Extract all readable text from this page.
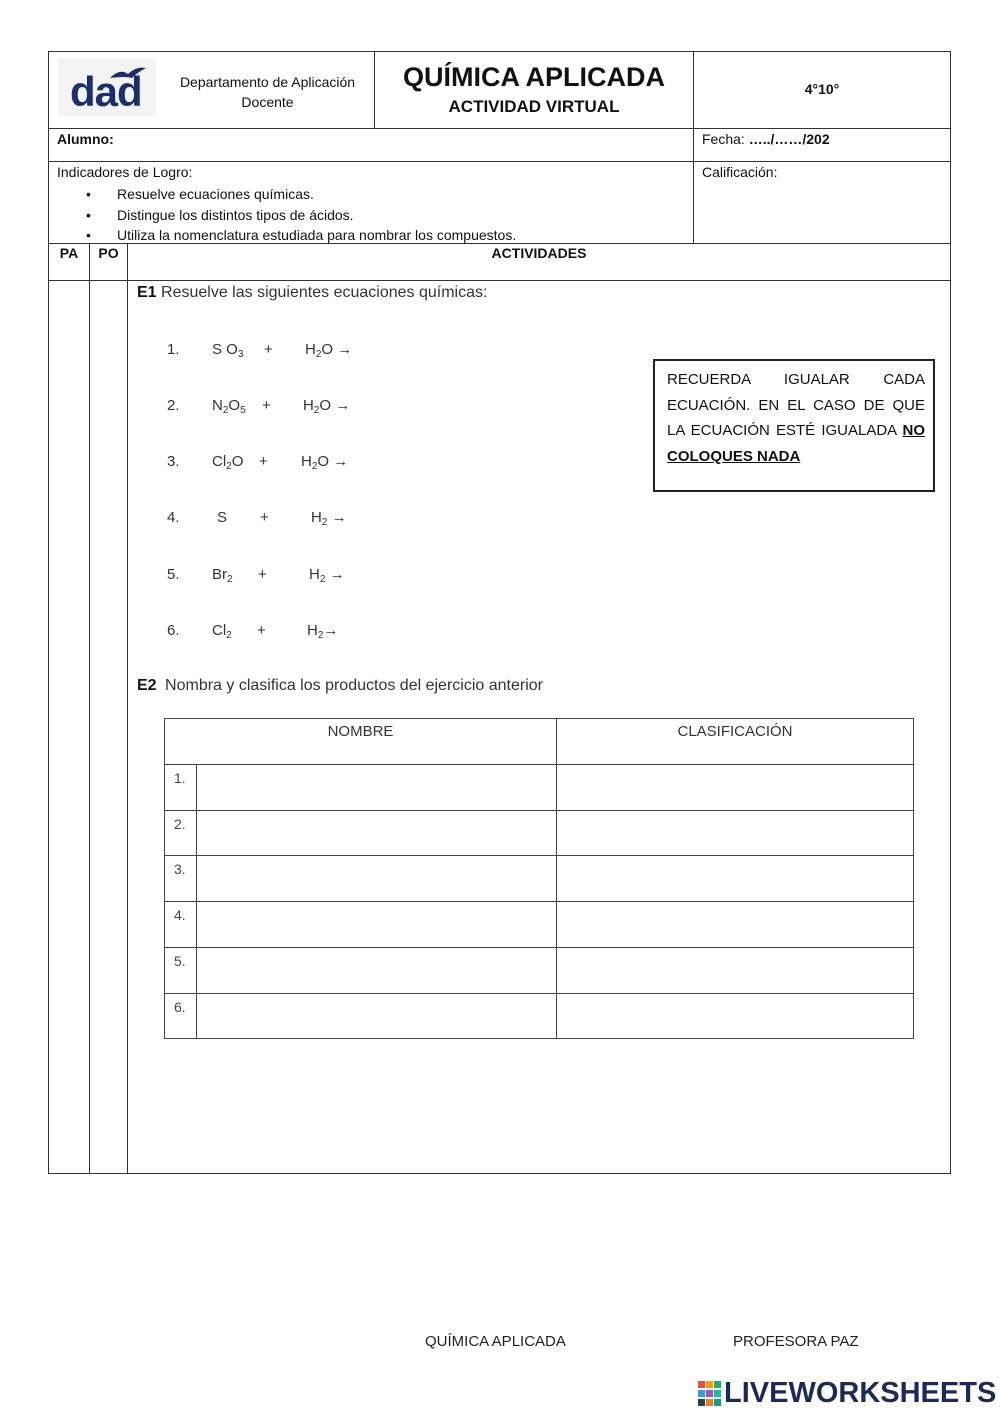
dad	Departamento de Aplicación Docente
QUÍMICA APLICADA
ACTIVIDAD VIRTUAL
4°10°
Alumno:	Fecha: …../……/202
Indicadores de Logro:
• Resuelve ecuaciones químicas.
• Distingue los distintos tipos de ácidos.
• Utiliza la nomenclatura estudiada para nombrar los compuestos.
Calificación:
PA	PO	ACTIVIDADES
E1 Resuelve las siguientes ecuaciones químicas:
1. S $O_3 + H_2O$ →
2. $N_2O_5 + H_2O$ →
3. $Cl_2O + H_2O$ →
4. S +	$H_2$ →
5. $Br_2$ +	$H_2$ →
6. $Cl_2$ +	$H_2\to$
RECUERDA IGUALAR CADA ECUACIÓN. EN EL CASO DE QUE LA ECUACIÓN ESTÉ IGUALADA NO COLOQUES NADA
E2 Nombra y clasifica los productos del ejercicio anterior
NOMBRE	CLASIFICACIÓN
1.
2.
3.
4.
5.
6.
QUÍMICA APLICADA	PROFESORA PAZ
LIVEWORKSHEETS
